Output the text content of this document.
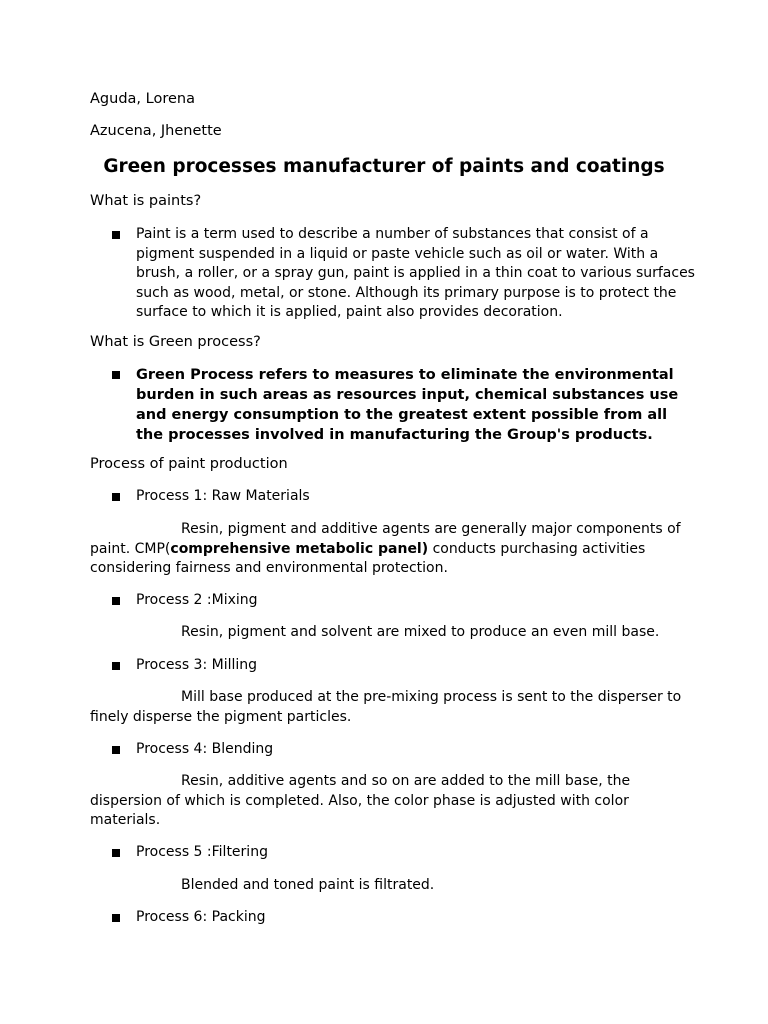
Aguda, Lorena

Azucena, Jhenette

Green processes manufacturer of paints and coatings

What is paints?

Paint is a term used to describe a number of substances that consist of a pigment suspended in a liquid or paste vehicle such as oil or water. With a brush, a roller, or a spray gun, paint is applied in a thin coat to various surfaces such as wood, metal, or stone. Although its primary purpose is to protect the surface to which it is applied, paint also provides decoration.

What is Green process?

Green Process refers to measures to eliminate the environmental burden in such areas as resources input, chemical substances use and energy consumption to the greatest extent possible from all the processes involved in manufacturing the Group's products.

Process of paint production

Process 1: Raw Materials

Resin, pigment and additive agents are generally major components of paint. CMP(comprehensive metabolic panel) conducts purchasing activities considering fairness and environmental protection.

Process 2 :Mixing

Resin, pigment and solvent are mixed to produce an even mill base.

Process 3: Milling

Mill base produced at the pre-mixing process is sent to the disperser to finely disperse the pigment particles.

Process 4: Blending

Resin, additive agents and so on are added to the mill base, the dispersion of which is completed. Also, the color phase is adjusted with color materials.

Process 5 :Filtering

Blended and toned paint is filtrated.

Process 6: Packing
